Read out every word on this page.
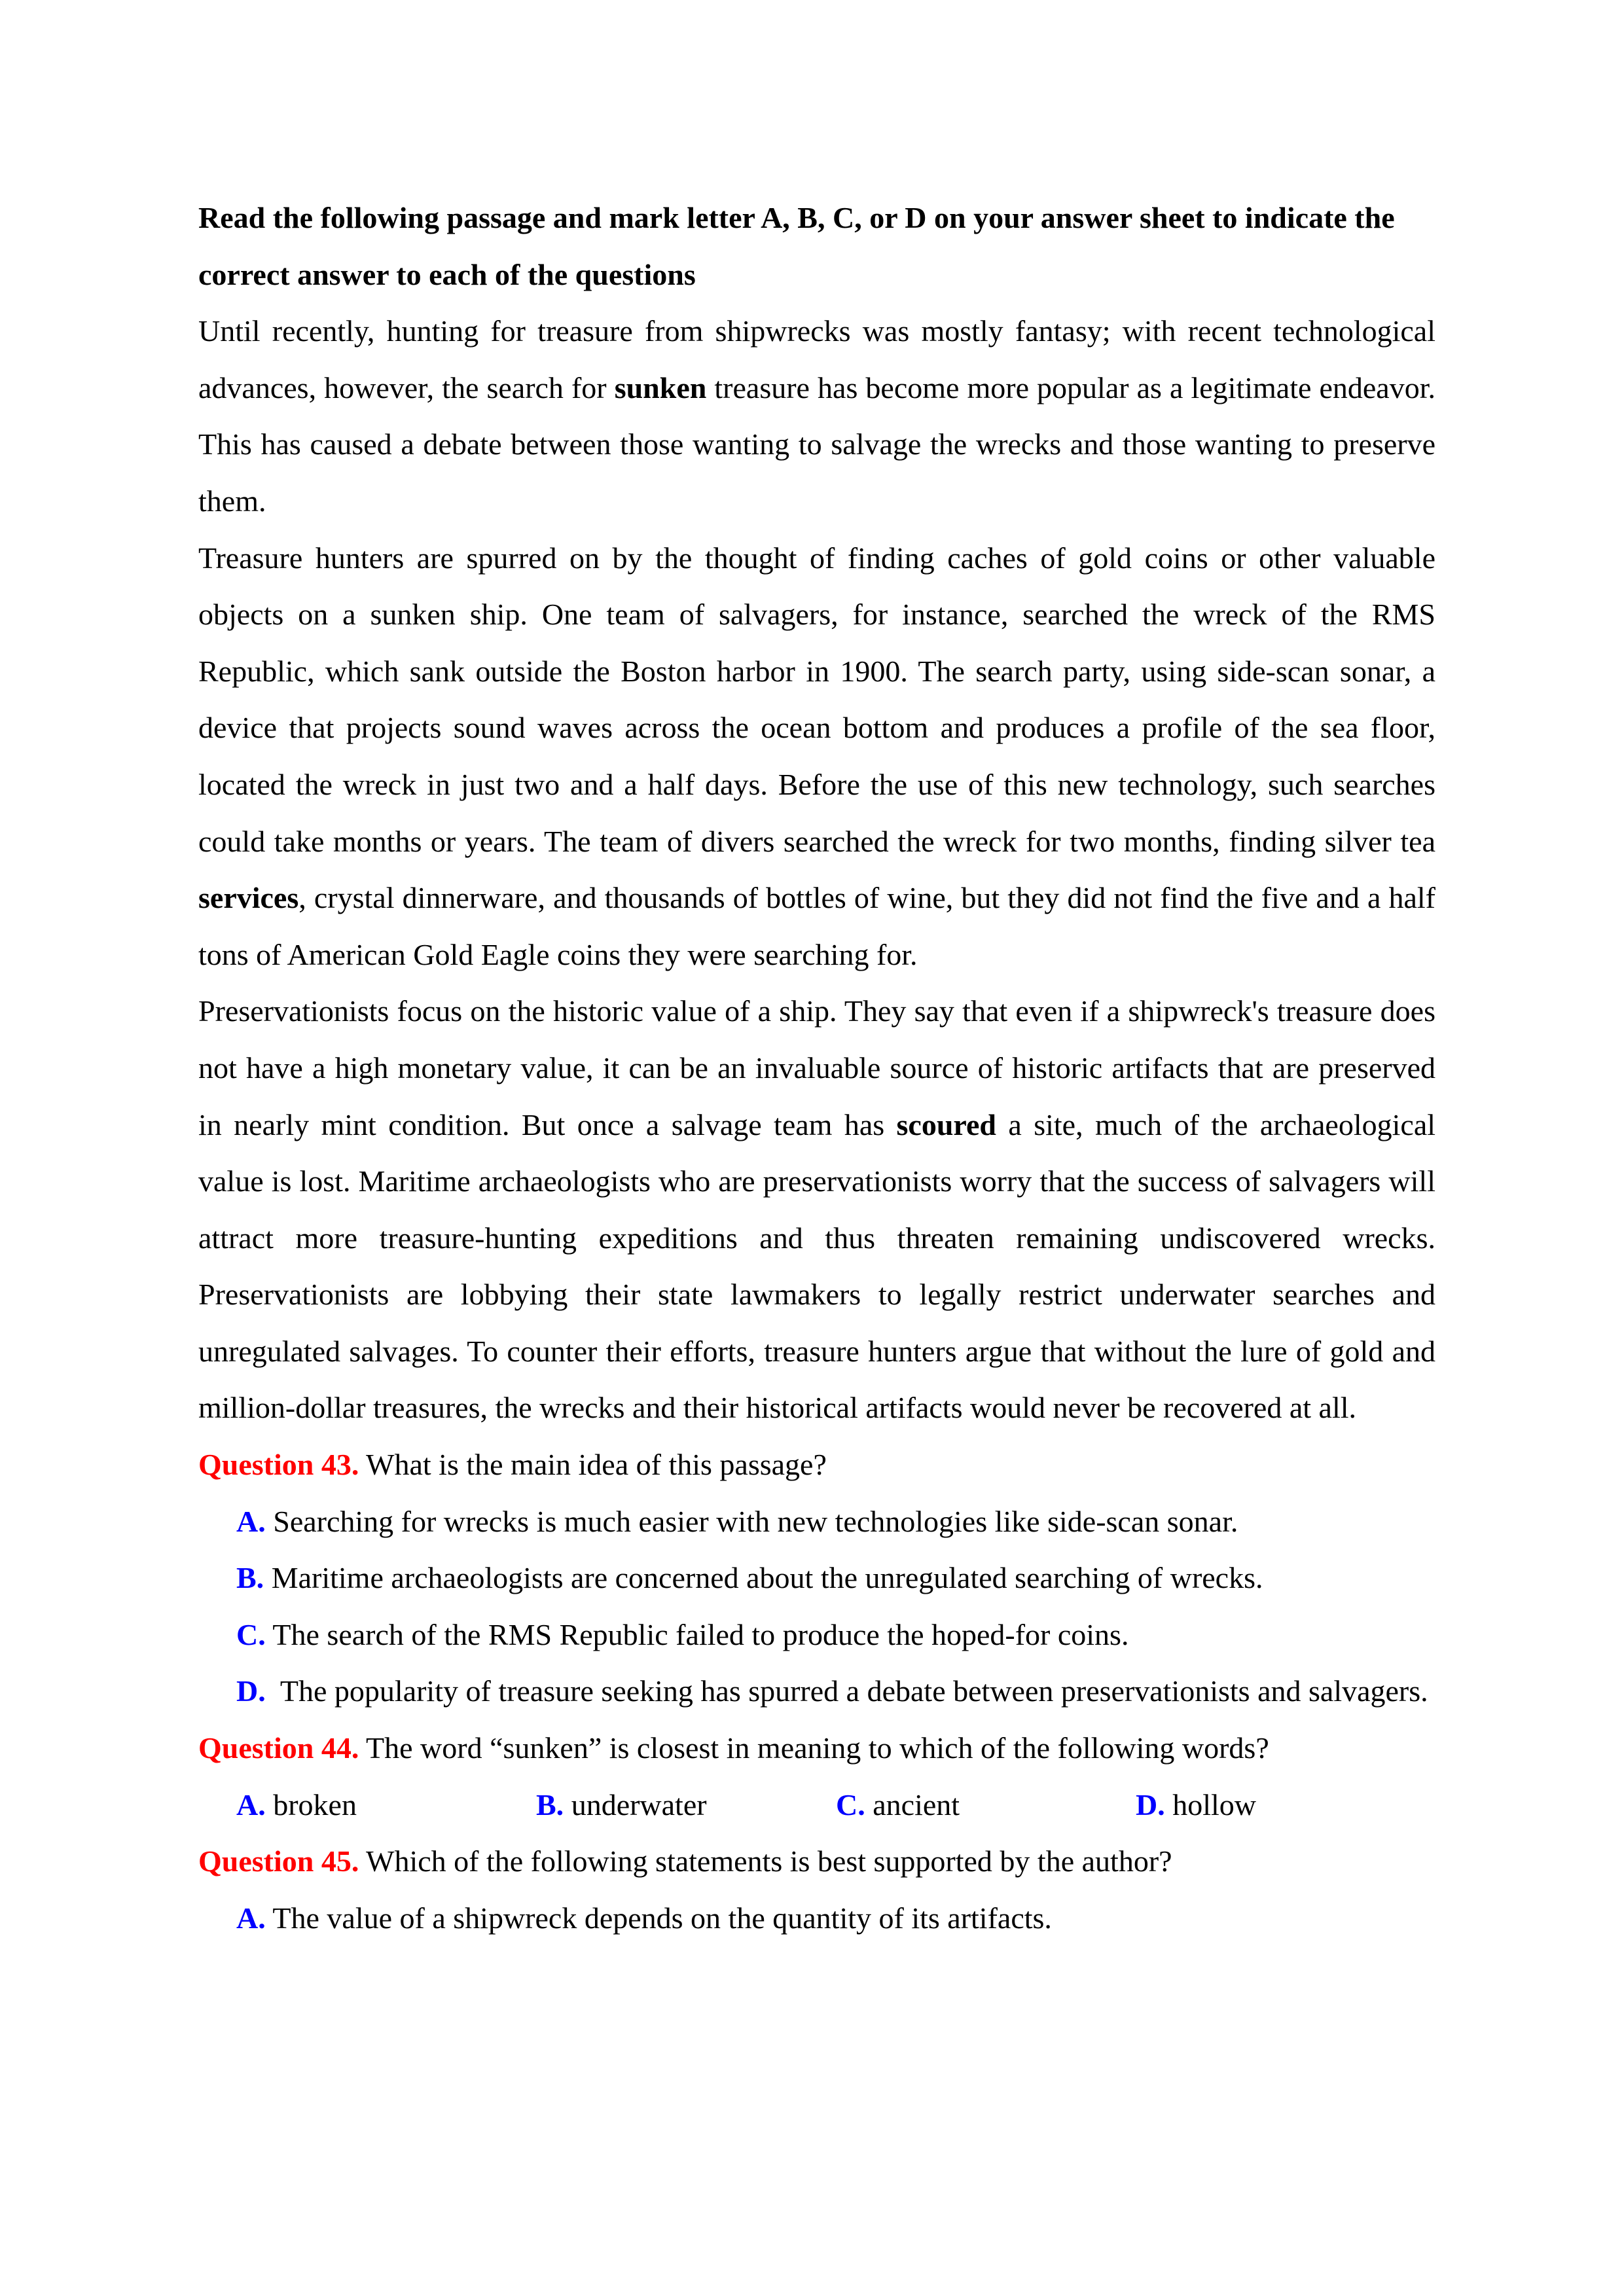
Read the following passage and mark letter A, B, C, or D on your answer sheet to indicate the correct answer to each of the questions

Until recently, hunting for treasure from shipwrecks was mostly fantasy; with recent technological advances, however, the search for sunken treasure has become more popular as a legitimate endeavor. This has caused a debate between those wanting to salvage the wrecks and those wanting to preserve them.

Treasure hunters are spurred on by the thought of finding caches of gold coins or other valuable objects on a sunken ship. One team of salvagers, for instance, searched the wreck of the RMS Republic, which sank outside the Boston harbor in 1900. The search party, using side-scan sonar, a device that projects sound waves across the ocean bottom and produces a profile of the sea floor, located the wreck in just two and a half days. Before the use of this new technology, such searches could take months or years. The team of divers searched the wreck for two months, finding silver tea services, crystal dinnerware, and thousands of bottles of wine, but they did not find the five and a half tons of American Gold Eagle coins they were searching for.

Preservationists focus on the historic value of a ship. They say that even if a shipwreck's treasure does not have a high monetary value, it can be an invaluable source of historic artifacts that are preserved in nearly mint condition. But once a salvage team has scoured a site, much of the archaeological value is lost. Maritime archaeologists who are preservationists worry that the success of salvagers will attract more treasure-hunting expeditions and thus threaten remaining undiscovered wrecks. Preservationists are lobbying their state lawmakers to legally restrict underwater searches and unregulated salvages. To counter their efforts, treasure hunters argue that without the lure of gold and million-dollar treasures, the wrecks and their historical artifacts would never be recovered at all.

Question 43. What is the main idea of this passage?
A. Searching for wrecks is much easier with new technologies like side-scan sonar.
B. Maritime archaeologists are concerned about the unregulated searching of wrecks.
C. The search of the RMS Republic failed to produce the hoped-for coins.
D.  The popularity of treasure seeking has spurred a debate between preservationists and salvagers.
Question 44. The word “sunken” is closest in meaning to which of the following words?
A. broken	B. underwater	C. ancient	D. hollow
Question 45. Which of the following statements is best supported by the author?
A. The value of a shipwreck depends on the quantity of its artifacts.
